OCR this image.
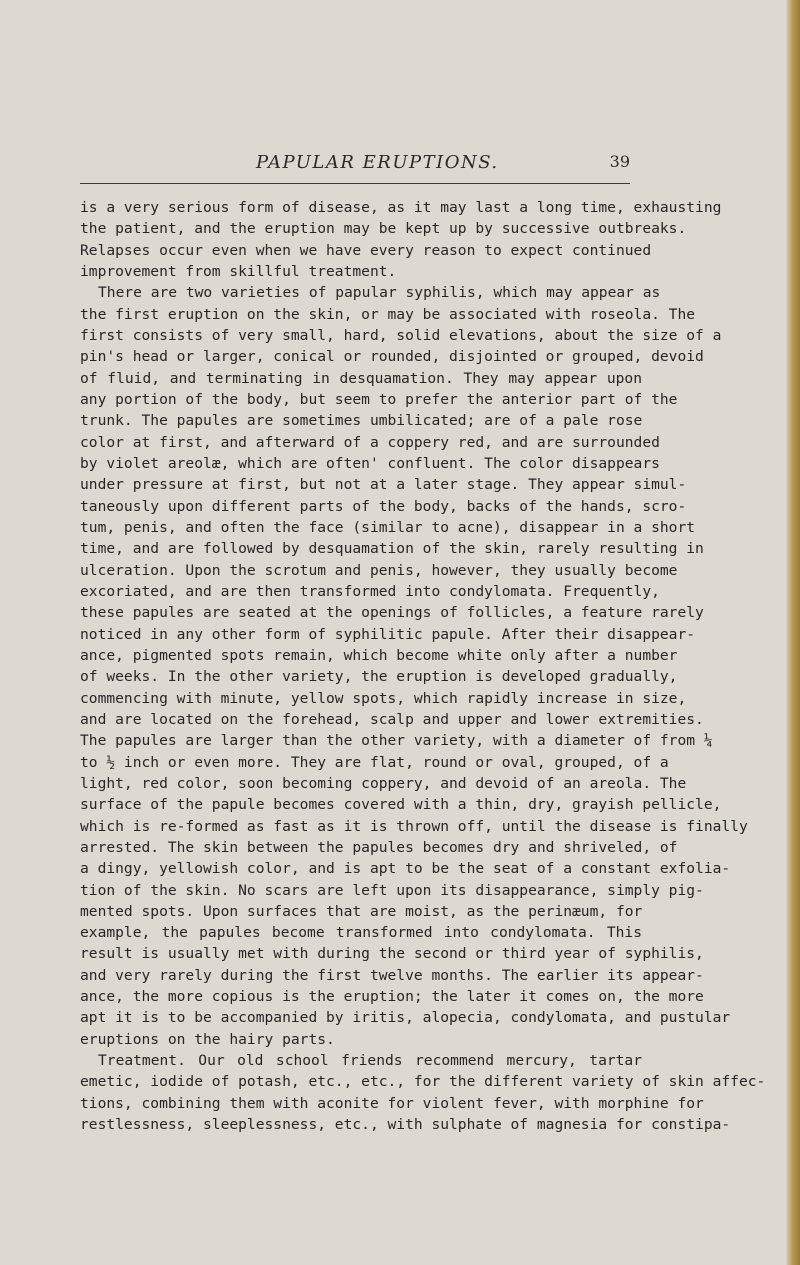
PAPULAR ERUPTIONS.	39
is a very serious form of disease, as it may last a long time, exhausting
the patient, and the eruption may be kept up by successive outbreaks.
Relapses occur even when we have every reason to expect continued
improvement from skillful treatment.
There are two varieties of papular syphilis, which may appear as
the first eruption on the skin, or may be associated with roseola. The
first consists of very small, hard, solid elevations, about the size of a
pin's head or larger, conical or rounded, disjointed or grouped, devoid
of fluid, and terminating in desquamation. They may appear upon
any portion of the body, but seem to prefer the anterior part of the
trunk. The papules are sometimes umbilicated; are of a pale rose
color at first, and afterward of a coppery red, and are surrounded
by violet areolæ, which are often' confluent. The color disappears
under pressure at first, but not at a later stage. They appear simul-
taneously upon different parts of the body, backs of the hands, scro-
tum, penis, and often the face (similar to acne), disappear in a short
time, and are followed by desquamation of the skin, rarely resulting in
ulceration. Upon the scrotum and penis, however, they usually become
excoriated, and are then transformed into condylomata. Frequently,
these papules are seated at the openings of follicles, a feature rarely
noticed in any other form of syphilitic papule. After their disappear-
ance, pigmented spots remain, which become white only after a number
of weeks. In the other variety, the eruption is developed gradually,
commencing with minute, yellow spots, which rapidly increase in size,
and are located on the forehead, scalp and upper and lower extremities.
The papules are larger than the other variety, with a diameter of from ¼
to ½ inch or even more. They are flat, round or oval, grouped, of a
light, red color, soon becoming coppery, and devoid of an areola. The
surface of the papule becomes covered with a thin, dry, grayish pellicle,
which is re-formed as fast as it is thrown off, until the disease is finally
arrested. The skin between the papules becomes dry and shriveled, of
a dingy, yellowish color, and is apt to be the seat of a constant exfolia-
tion of the skin. No scars are left upon its disappearance, simply pig-
mented spots. Upon surfaces that are moist, as the perinæum, for
example, the papules become transformed into condylomata. This
result is usually met with during the second or third year of syphilis,
and very rarely during the first twelve months. The earlier its appear-
ance, the more copious is the eruption; the later it comes on, the more
apt it is to be accompanied by iritis, alopecia, condylomata, and pustular
eruptions on the hairy parts.
Treatment. Our old school friends recommend mercury, tartar
emetic, iodide of potash, etc., etc., for the different variety of skin affec-
tions, combining them with aconite for violent fever, with morphine for
restlessness, sleeplessness, etc., with sulphate of magnesia for constipa-
